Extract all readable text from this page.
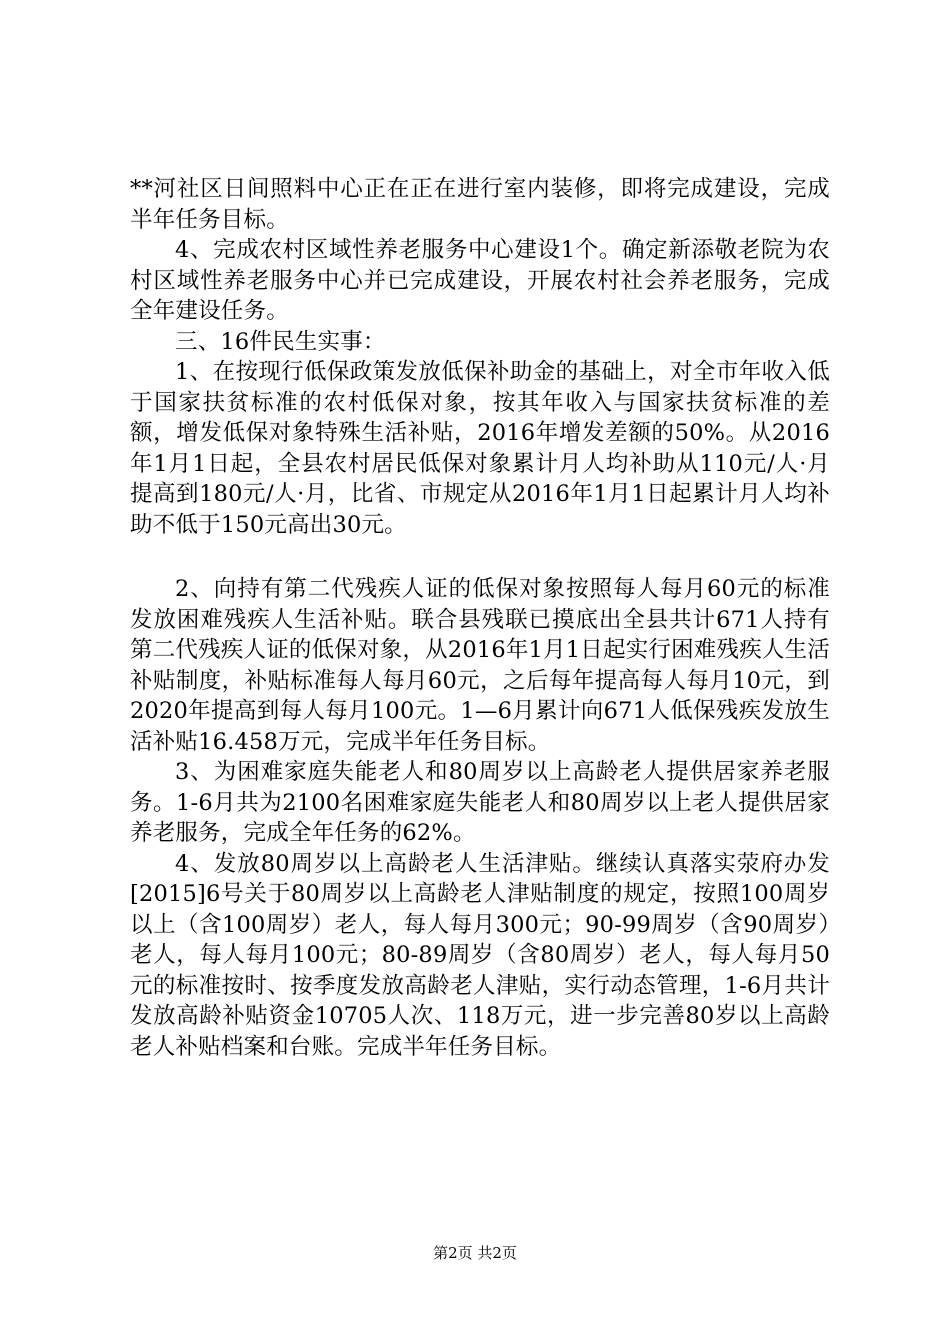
**河社区日间照料中心正在正在进行室内装修，即将完成建设，完成半年任务目标。

4、完成农村区域性养老服务中心建设1个。确定新添敬老院为农村区域性养老服务中心并已完成建设，开展农村社会养老服务，完成全年建设任务。

三、16件民生实事：

1、在按现行低保政策发放低保补助金的基础上，对全市年收入低于国家扶贫标准的农村低保对象，按其年收入与国家扶贫标准的差额，增发低保对象特殊生活补贴，2016年增发差额的50%。从2016年1月1日起，全县农村居民低保对象累计月人均补助从110元/人·月提高到180元/人·月，比省、市规定从2016年1月1日起累计月人均补助不低于150元高出30元。

2、向持有第二代残疾人证的低保对象按照每人每月60元的标准发放困难残疾人生活补贴。联合县残联已摸底出全县共计671人持有第二代残疾人证的低保对象，从2016年1月1日起实行困难残疾人生活补贴制度，补贴标准每人每月60元，之后每年提高每人每月10元，到2020年提高到每人每月100元。1—6月累计向671人低保残疾发放生活补贴16.458万元，完成半年任务目标。

3、为困难家庭失能老人和80周岁以上高龄老人提供居家养老服务。1-6月共为2100名困难家庭失能老人和80周岁以上老人提供居家养老服务，完成全年任务的62%。

4、发放80周岁以上高龄老人生活津贴。继续认真落实荥府办发[2015]6号关于80周岁以上高龄老人津贴制度的规定，按照100周岁以上（含100周岁）老人，每人每月300元；90-99周岁（含90周岁）老人，每人每月100元；80-89周岁（含80周岁）老人，每人每月50元的标准按时、按季度发放高龄老人津贴，实行动态管理，1-6月共计发放高龄补贴资金10705人次、118万元，进一步完善80岁以上高龄老人补贴档案和台账。完成半年任务目标。

第2页 共2页
